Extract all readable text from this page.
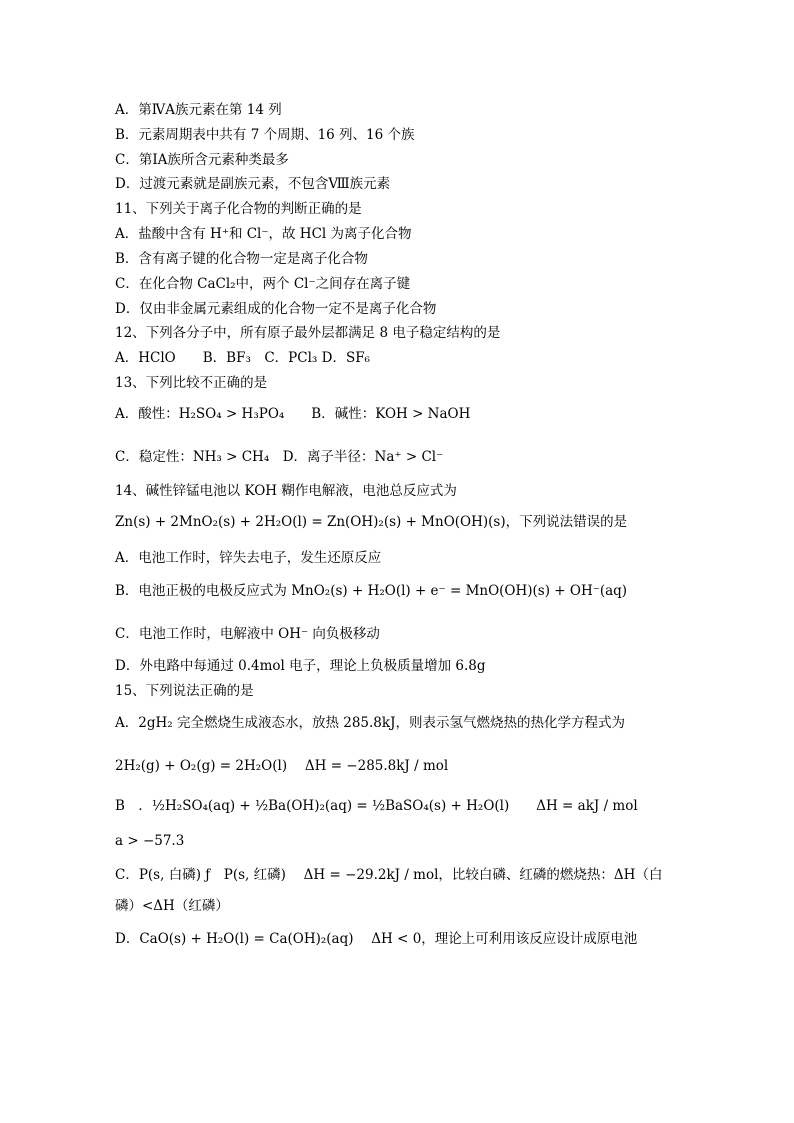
A．第ⅣA族元素在第 14 列
B．元素周期表中共有 7 个周期、16 列、16 个族
C．第ⅠA族所含元素种类最多
D．过渡元素就是副族元素，不包含Ⅷ族元素
11、下列关于离子化合物的判断正确的是
A．盐酸中含有 H⁺和 Cl⁻，故 HCl 为离子化合物
B．含有离子键的化合物一定是离子化合物
C．在化合物 CaCl₂中，两个 Cl⁻之间存在离子键
D．仅由非金属元素组成的化合物一定不是离子化合物
12、下列各分子中，所有原子最外层都满足 8 电子稳定结构的是
A．HClO　　B．BF₃　C．PCl₃ D．SF₆
13、下列比较不正确的是
A．酸性：H₂SO₄ > H₃PO₄　　B．碱性：KOH > NaOH
C．稳定性：NH₃ > CH₄　D．离子半径：Na⁺ > Cl⁻
14、碱性锌锰电池以 KOH 糊作电解液，电池总反应式为
Zn(s) + 2MnO₂(s) + 2H₂O(l) = Zn(OH)₂(s) + MnO(OH)(s)，下列说法错误的是
A．电池工作时，锌失去电子，发生还原反应
B．电池正极的电极反应式为 MnO₂(s) + H₂O(l) + e⁻ = MnO(OH)(s) + OH⁻(aq)
C．电池工作时，电解液中 OH⁻ 向负极移动
D．外电路中每通过 0.4mol 电子，理论上负极质量增加 6.8g
15、下列说法正确的是
A．2gH₂ 完全燃烧生成液态水，放热 285.8kJ，则表示氢气燃烧热的热化学方程式为
2H₂(g) + O₂(g) = 2H₂O(l)　 ΔH = −285.8kJ / mol
B　．½H₂SO₄(aq) + ½Ba(OH)₂(aq) = ½BaSO₄(s) + H₂O(l)　　ΔH = akJ / mol
a > −57.3
C．P(s, 白磷) ƒ　P(s, 红磷)　 ΔH = −29.2kJ / mol，比较白磷、红磷的燃烧热：ΔH（白
磷）<ΔH（红磷）
D．CaO(s) + H₂O(l) = Ca(OH)₂(aq)　 ΔH < 0，理论上可利用该反应设计成原电池
